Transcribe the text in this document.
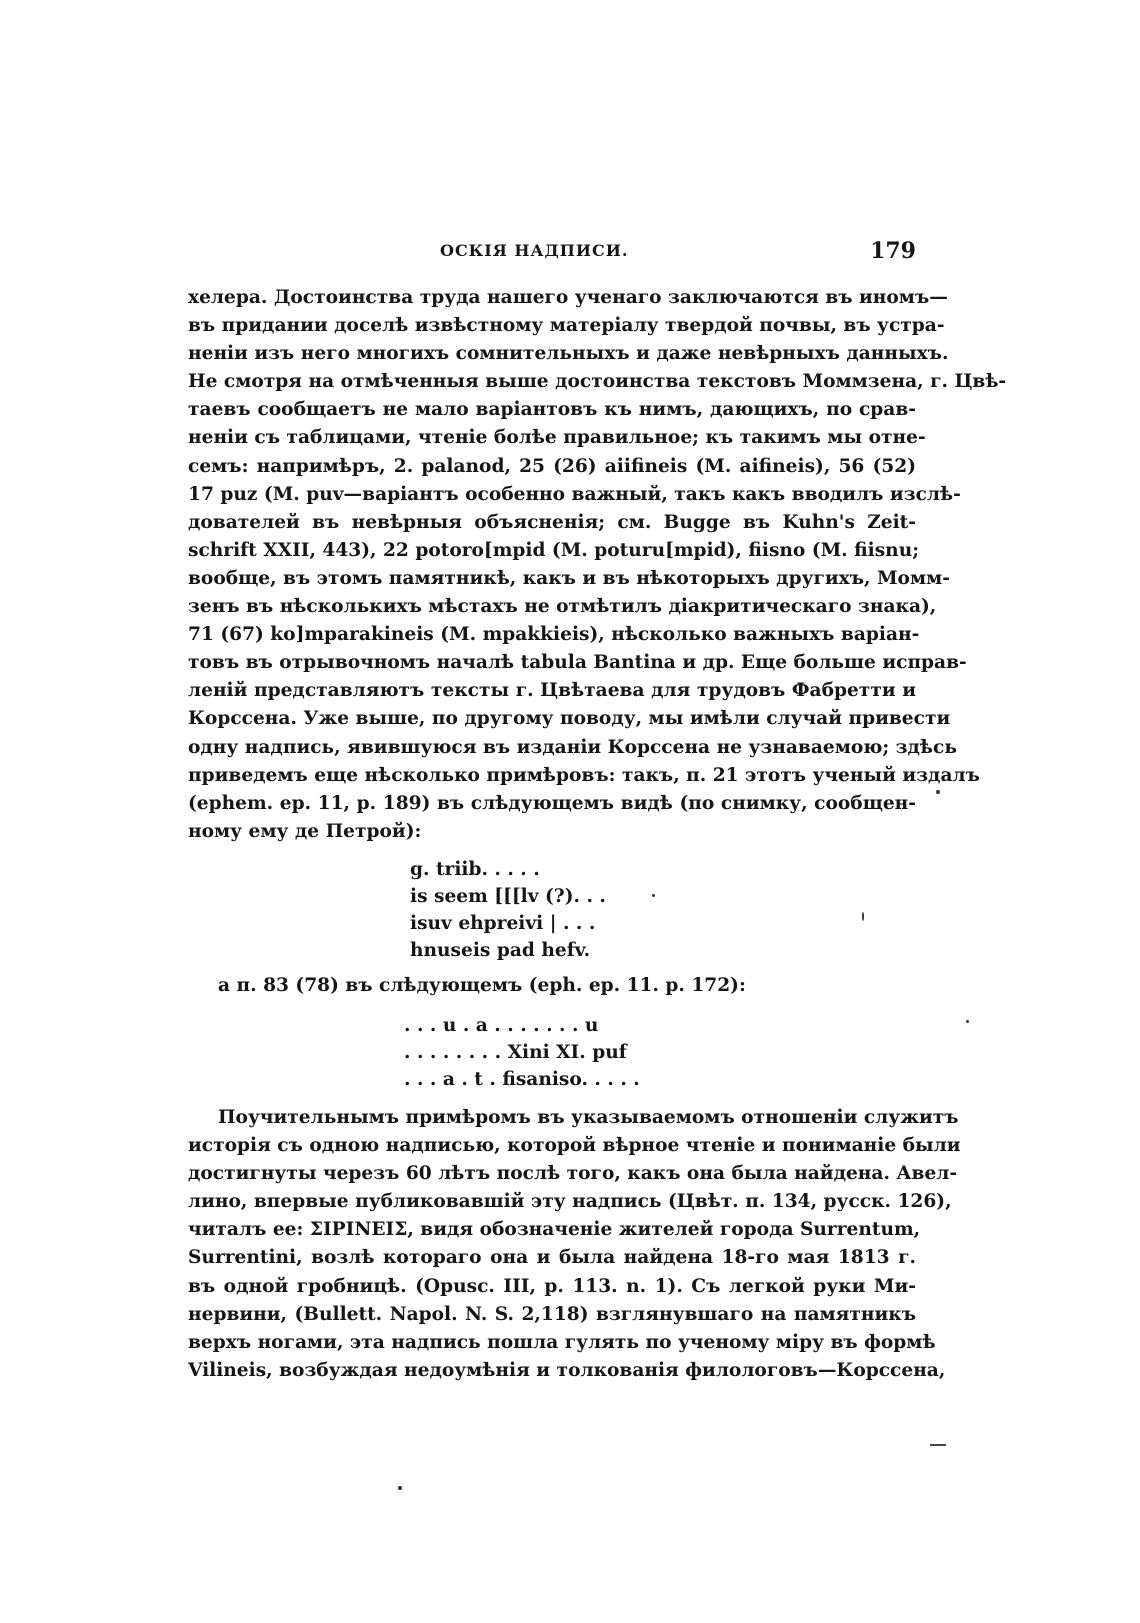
ОСКІЯ НАДПИСИ.	179
хелера. Достоинства труда нашего ученаго заключаются въ иномъ—
въ придании доселѣ извѣстному матеріалу твердой почвы, въ устра-
неніи изъ него многихъ сомнительныхъ и даже невѣрныхъ данныхъ.
Не смотря на отмѣченныя выше достоинства текстовъ Моммзена, г. Цвѣ-
таевъ сообщаетъ не мало варіантовъ къ нимъ, дающихъ, по срав-
неніи съ таблицами, чтеніе болѣе правильное; къ такимъ мы отне-
семъ: напримѣръ, 2. palanod, 25 (26) aiifineis (M. aifineis), 56 (52)
17 puz (M. puv—варіантъ особенно важный, такъ какъ вводилъ изслѣ-
дователей въ невѣрныя объясненія; см. Bugge въ Kuhn's Zeit-
schrift XXII, 443), 22 potoro[mpid (M. poturu[mpid), fiisno (M. fiisnu;
вообще, въ этомъ памятникѣ, какъ и въ нѣкоторыхъ другихъ, Момм-
зенъ въ нѣсколькихъ мѣстахъ не отмѣтилъ діакритическаго знака),
71 (67) ko]mparakineis (M. mpakkieis), нѣсколько важныхъ варіан-
товъ въ отрывочномъ началѣ tabula Bantina и др. Еще больше исправ-
леній представляютъ тексты г. Цвѣтаева для трудовъ Фабретти и
Корссена. Уже выше, по другому поводу, мы имѣли случай привести
одну надпись, явившуюся въ изданіи Корссена не узнаваемою; здѣсь
приведемъ еще нѣсколько примѣровъ: такъ, п. 21 этотъ ученый издалъ
(ephem. ep. 11, p. 189) въ слѣдующемъ видѣ (по снимку, сообщен-
ному ему де Петрой):
g. triib. . . . .
is seem [[[lv (?). . .
isuv ehpreivi | . . .
hnuseis pad hefv.
а п. 83 (78) въ слѣдующемъ (eph. ep. 11. p. 172):
. . . u . a . . . . . . . u
. . . . . . . . Xini XI. puf
. . . a . t . fisaniso. . . . .
Поучительнымъ примѣромъ въ указываемомъ отношеніи служитъ
исторія съ одною надписью, которой вѣрное чтеніе и пониманіе были
достигнуты черезъ 60 лѣтъ послѣ того, какъ она была найдена. Авел-
лино, впервые публиковавшій эту надпись (Цвѣт. п. 134, русск. 126),
читалъ ее: ΣΙΡΙΝΕΙΣ, видя обозначеніе жителей города Surrentum,
Surrentini, возлѣ котораго она и была найдена 18-го мая 1813 г.
въ одной гробницѣ. (Opusc. III, p. 113. n. 1). Съ легкой руки Ми-
нервини, (Bullett. Napol. N. S. 2,118) взглянувшаго на памятникъ
верхъ ногами, эта надпись пошла гулять по ученому міру въ формѣ
Vilineis, возбуждая недоумѣнія и толкованія филологовъ—Корссена,
